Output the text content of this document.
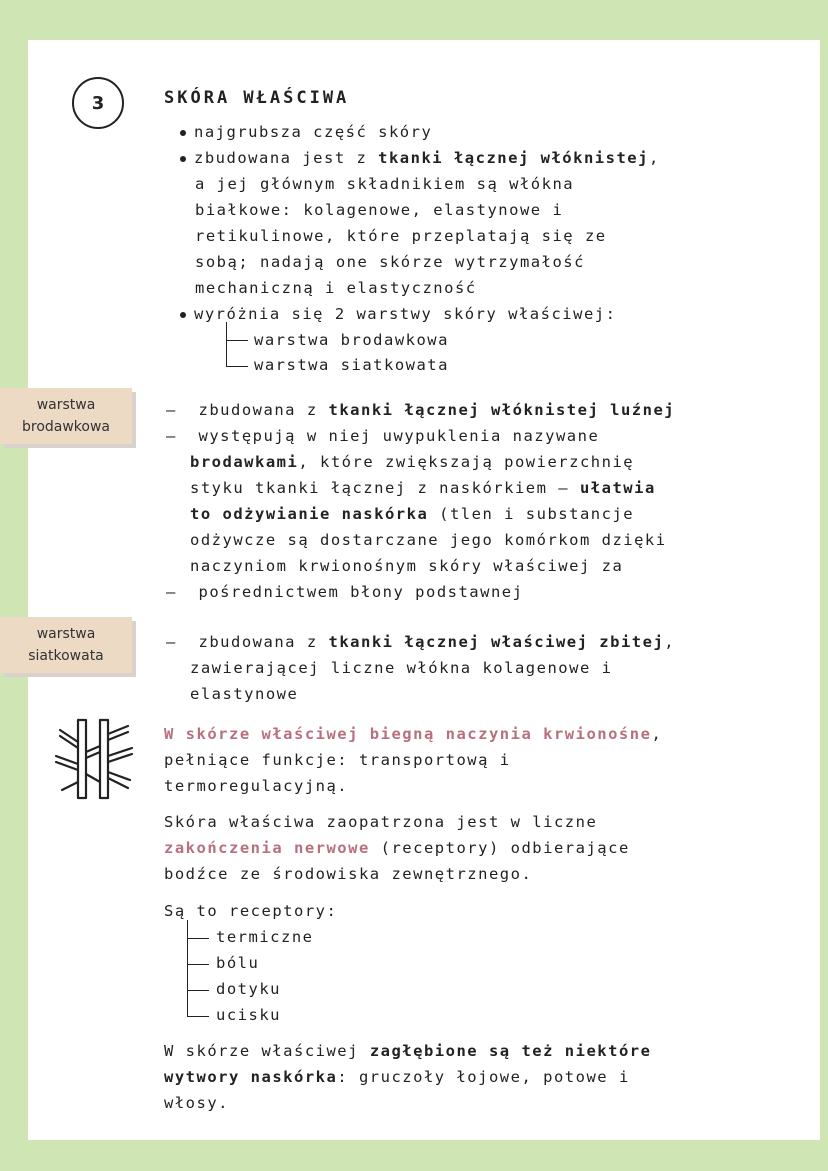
3	SKÓRA WŁAŚCIWA
najgrubsza część skóry
zbudowana jest z tkanki łącznej włóknistej,
a jej głównym składnikiem są włókna
białkowe: kolagenowe, elastynowe i
retikulinowe, które przeplatają się ze
sobą; nadają one skórze wytrzymałość
mechaniczną i elastyczność
wyróżnia się 2 warstwy skóry właściwej:
warstwa brodawkowa
warstwa siatkowata
warstwa
brodawkowa
–  zbudowana z tkanki łącznej włóknistej luźnej
–  występują w niej uwypuklenia nazywane
brodawkami, które zwiększają powierzchnię
styku tkanki łącznej z naskórkiem – ułatwia
to odżywianie naskórka (tlen i substancje
odżywcze są dostarczane jego komórkom dzięki
naczyniom krwionośnym skóry właściwej za
–  pośrednictwem błony podstawnej
warstwa
siatkowata
–  zbudowana z tkanki łącznej właściwej zbitej,
zawierającej liczne włókna kolagenowe i
elastynowe
W skórze właściwej biegną naczynia krwionośne,
pełniące funkcje: transportową i
termoregulacyjną.
Skóra właściwa zaopatrzona jest w liczne
zakończenia nerwowe (receptory) odbierające
bodźce ze środowiska zewnętrznego.
Są to receptory:
termiczne
bólu
dotyku
ucisku
W skórze właściwej zagłębione są też niektóre
wytwory naskórka: gruczoły łojowe, potowe i
włosy.
